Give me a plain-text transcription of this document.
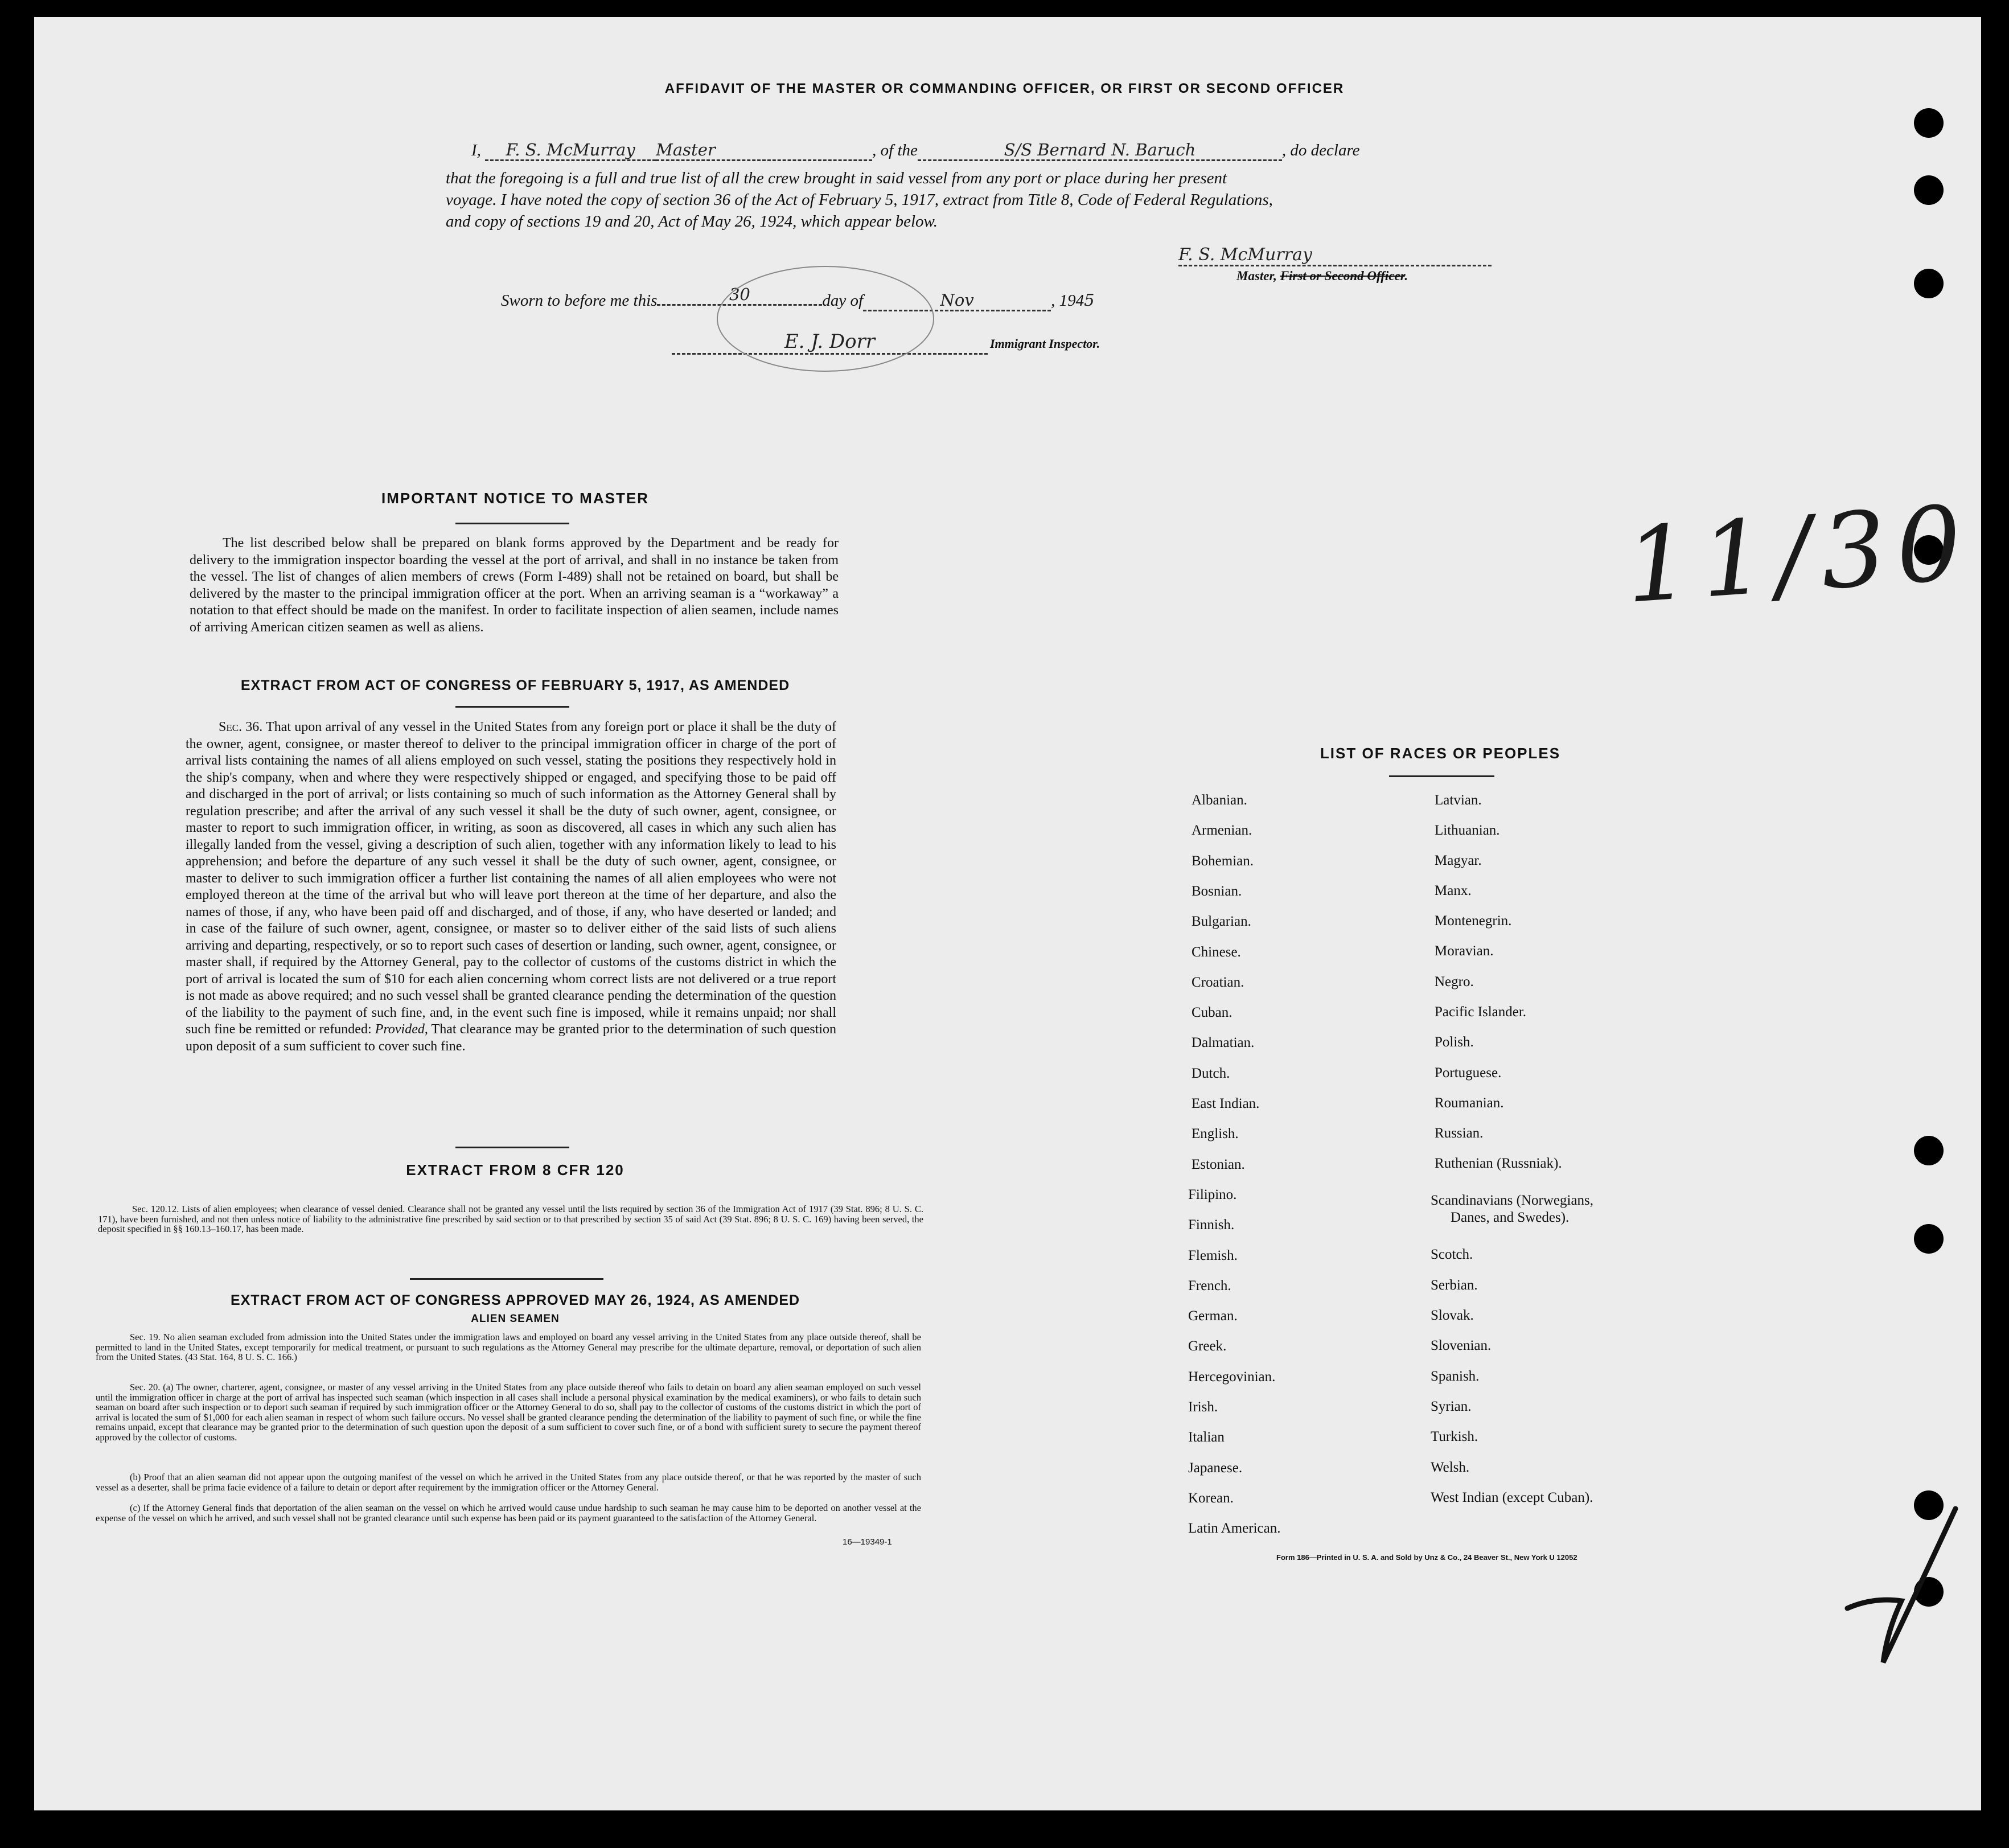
AFFIDAVIT OF THE MASTER OR COMMANDING OFFICER, OR FIRST OR SECOND OFFICER
I, F. S. McMurray Master	, of the	S/S Bernard N. Baruch	, do declare
that the foregoing is a full and true list of all the crew brought in said vessel from any port or place during her present
voyage. I have noted the copy of section 36 of the Act of February 5, 1917, extract from Title 8, Code of Federal Regulations,
and copy of sections 19 and 20, Act of May 26, 1924, which appear below.
F. S. McMurray
Master, First or Second Officer.
Sworn to before me this	30	day of	Nov	, 1945
E. J. Dorr	Immigrant Inspector.
11/30
IMPORTANT NOTICE TO MASTER
The list described below shall be prepared on blank forms approved by the Department and be ready for delivery to the immigration inspector boarding the vessel at the port of arrival, and shall in no instance be taken from the vessel. The list of changes of alien members of crews (Form I-489) shall not be retained on board, but shall be delivered by the master to the principal immigration officer at the port. When an arriving seaman is a “workaway” a notation to that effect should be made on the manifest. In order to facilitate inspection of alien seamen, include names of arriving American citizen seamen as well as aliens.
EXTRACT FROM ACT OF CONGRESS OF FEBRUARY 5, 1917, AS AMENDED
Sec. 36. That upon arrival of any vessel in the United States from any foreign port or place it shall be the duty of the owner, agent, consignee, or master thereof to deliver to the principal immigration officer in charge of the port of arrival lists containing the names of all aliens employed on such vessel, stating the positions they respectively hold in the ship's company, when and where they were respectively shipped or engaged, and specifying those to be paid off and discharged in the port of arrival; or lists containing so much of such information as the Attorney General shall by regulation prescribe; and after the arrival of any such vessel it shall be the duty of such owner, agent, consignee, or master to report to such immigration officer, in writing, as soon as discovered, all cases in which any such alien has illegally landed from the vessel, giving a description of such alien, together with any information likely to lead to his apprehension; and before the departure of any such vessel it shall be the duty of such owner, agent, consignee, or master to deliver to such immigration officer a further list containing the names of all alien employees who were not employed thereon at the time of the arrival but who will leave port thereon at the time of her departure, and also the names of those, if any, who have been paid off and discharged, and of those, if any, who have deserted or landed; and in case of the failure of such owner, agent, consignee, or master so to deliver either of the said lists of such aliens arriving and departing, respectively, or so to report such cases of desertion or landing, such owner, agent, consignee, or master shall, if required by the Attorney General, pay to the collector of customs of the customs district in which the port of arrival is located the sum of $10 for each alien concerning whom correct lists are not delivered or a true report is not made as above required; and no such vessel shall be granted clearance pending the determination of the question of the liability to the payment of such fine, and, in the event such fine is imposed, while it remains unpaid; nor shall such fine be remitted or refunded: Provided, That clearance may be granted prior to the determination of such question upon deposit of a sum sufficient to cover such fine.
EXTRACT FROM 8 CFR 120
Sec. 120.12. Lists of alien employees; when clearance of vessel denied. Clearance shall not be granted any vessel until the lists required by section 36 of the Immigration Act of 1917 (39 Stat. 896; 8 U. S. C. 171), have been furnished, and not then unless notice of liability to the administrative fine prescribed by said section or to that prescribed by section 35 of said Act (39 Stat. 896; 8 U. S. C. 169) having been served, the deposit specified in §§ 160.13–160.17, has been made.
EXTRACT FROM ACT OF CONGRESS APPROVED MAY 26, 1924, AS AMENDED
ALIEN SEAMEN
Sec. 19. No alien seaman excluded from admission into the United States under the immigration laws and employed on board any vessel arriving in the United States from any place outside thereof, shall be permitted to land in the United States, except temporarily for medical treatment, or pursuant to such regulations as the Attorney General may prescribe for the ultimate departure, removal, or deportation of such alien from the United States. (43 Stat. 164, 8 U. S. C. 166.)
Sec. 20. (a) The owner, charterer, agent, consignee, or master of any vessel arriving in the United States from any place outside thereof who fails to detain on board any alien seaman employed on such vessel until the immigration officer in charge at the port of arrival has inspected such seaman (which inspection in all cases shall include a personal physical examination by the medical examiners), or who fails to detain such seaman on board after such inspection or to deport such seaman if required by such immigration officer or the Attorney General to do so, shall pay to the collector of customs of the customs district in which the port of arrival is located the sum of $1,000 for each alien seaman in respect of whom such failure occurs. No vessel shall be granted clearance pending the determination of the liability to payment of such fine, or while the fine remains unpaid, except that clearance may be granted prior to the determination of such question upon the deposit of a sum sufficient to cover such fine, or of a bond with sufficient surety to secure the payment thereof approved by the collector of customs.
(b) Proof that an alien seaman did not appear upon the outgoing manifest of the vessel on which he arrived in the United States from any place outside thereof, or that he was reported by the master of such vessel as a deserter, shall be prima facie evidence of a failure to detain or deport after requirement by the immigration officer or the Attorney General.
(c) If the Attorney General finds that deportation of the alien seaman on the vessel on which he arrived would cause undue hardship to such seaman he may cause him to be deported on another vessel at the expense of the vessel on which he arrived, and such vessel shall not be granted clearance until such expense has been paid or its payment guaranteed to the satisfaction of the Attorney General.
16—19349-1
LIST OF RACES OR PEOPLES
Albanian.
Armenian.
Bohemian.
Bosnian.
Bulgarian.
Chinese.
Croatian.
Cuban.
Dalmatian.
Dutch.
East Indian.
English.
Estonian.
Filipino.
Finnish.
Flemish.
French.
German.
Greek.
Hercegovinian.
Irish.
Italian
Japanese.
Korean.
Latin American.
Latvian.
Lithuanian.
Magyar.
Manx.
Montenegrin.
Moravian.
Negro.
Pacific Islander.
Polish.
Portuguese.
Roumanian.
Russian.
Ruthenian (Russniak).
Scandinavians (Norwegians,
Scotch.
Serbian.
Slovak.
Slovenian.
Spanish.
Syrian.
Turkish.
Welsh.
West Indian (except Cuban).
Danes, and Swedes).
Form 186—Printed in U. S. A. and Sold by Unz & Co., 24 Beaver St., New York U 12052
